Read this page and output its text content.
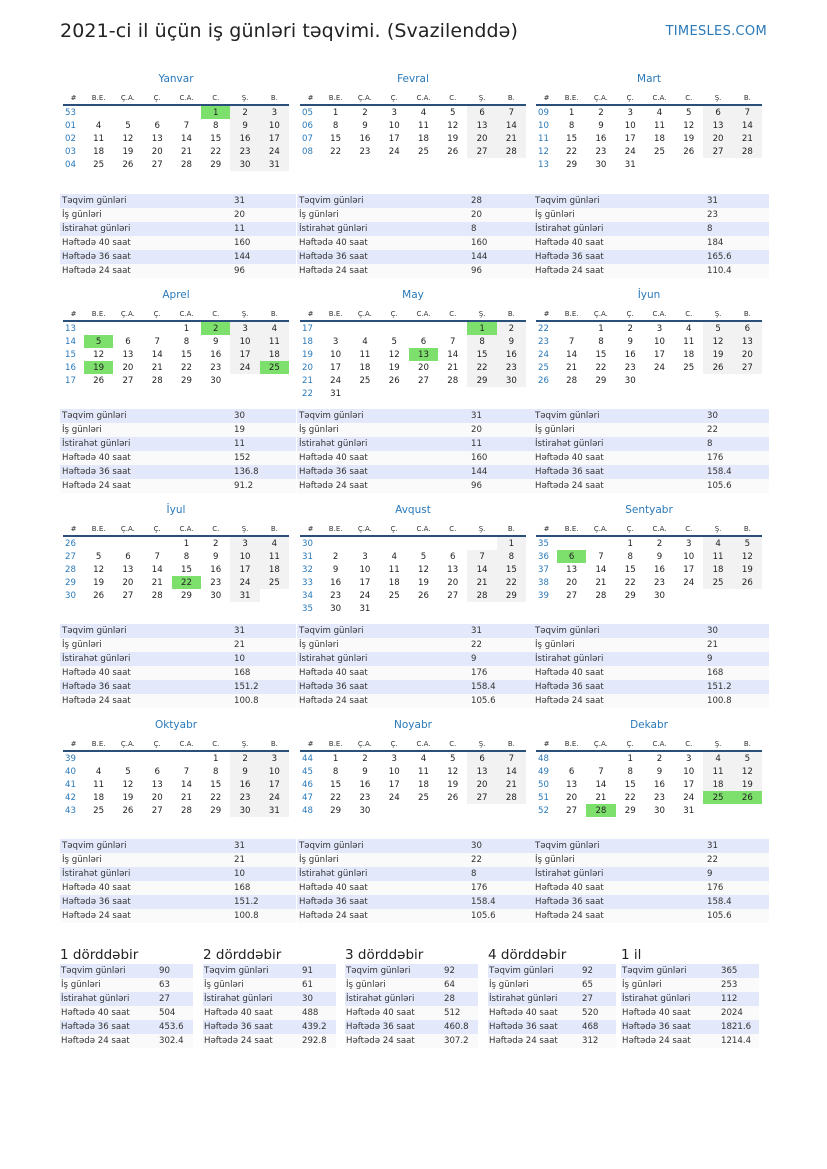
2021-ci il üçün iş günləri təqvimi. (Svazilenddə)	TIMESLES.COM
Yanvar
#	B.E.	Ç.A.	Ç.	C.A.	C.	Ş.	B.
53					1	2	3
01	4	5	6	7	8	9	10
02	11	12	13	14	15	16	17
03	18	19	20	21	22	23	24
04	25	26	27	28	29	30	31
Təqvim günləri	31
İş günləri	20
İstirahət günləri	11
Həftədə 40 saat	160
Həftədə 36 saat	144
Həftədə 24 saat	96
Fevral
#	B.E.	Ç.A.	Ç.	C.A.	C.	Ş.	B.
05	1	2	3	4	5	6	7
06	8	9	10	11	12	13	14
07	15	16	17	18	19	20	21
08	22	23	24	25	26	27	28
Təqvim günləri	28
İş günləri	20
İstirahət günləri	8
Həftədə 40 saat	160
Həftədə 36 saat	144
Həftədə 24 saat	96
Mart
#	B.E.	Ç.A.	Ç.	C.A.	C.	Ş.	B.
09	1	2	3	4	5	6	7
10	8	9	10	11	12	13	14
11	15	16	17	18	19	20	21
12	22	23	24	25	26	27	28
13	29	30	31				
Təqvim günləri	31
İş günləri	23
İstirahət günləri	8
Həftədə 40 saat	184
Həftədə 36 saat	165.6
Həftədə 24 saat	110.4
Aprel
#	B.E.	Ç.A.	Ç.	C.A.	C.	Ş.	B.
13				1	2	3	4
14	5	6	7	8	9	10	11
15	12	13	14	15	16	17	18
16	19	20	21	22	23	24	25
17	26	27	28	29	30		
Təqvim günləri	30
İş günləri	19
İstirahət günləri	11
Həftədə 40 saat	152
Həftədə 36 saat	136.8
Həftədə 24 saat	91.2
May
#	B.E.	Ç.A.	Ç.	C.A.	C.	Ş.	B.
17						1	2
18	3	4	5	6	7	8	9
19	10	11	12	13	14	15	16
20	17	18	19	20	21	22	23
21	24	25	26	27	28	29	30
22	31						
Təqvim günləri	31
İş günləri	20
İstirahət günləri	11
Həftədə 40 saat	160
Həftədə 36 saat	144
Həftədə 24 saat	96
İyun
#	B.E.	Ç.A.	Ç.	C.A.	C.	Ş.	B.
22		1	2	3	4	5	6
23	7	8	9	10	11	12	13
24	14	15	16	17	18	19	20
25	21	22	23	24	25	26	27
26	28	29	30				
Təqvim günləri	30
İş günləri	22
İstirahət günləri	8
Həftədə 40 saat	176
Həftədə 36 saat	158.4
Həftədə 24 saat	105.6
İyul
#	B.E.	Ç.A.	Ç.	C.A.	C.	Ş.	B.
26				1	2	3	4
27	5	6	7	8	9	10	11
28	12	13	14	15	16	17	18
29	19	20	21	22	23	24	25
30	26	27	28	29	30	31	
Təqvim günləri	31
İş günləri	21
İstirahət günləri	10
Həftədə 40 saat	168
Həftədə 36 saat	151.2
Həftədə 24 saat	100.8
Avqust
#	B.E.	Ç.A.	Ç.	C.A.	C.	Ş.	B.
30							1
31	2	3	4	5	6	7	8
32	9	10	11	12	13	14	15
33	16	17	18	19	20	21	22
34	23	24	25	26	27	28	29
35	30	31					
Təqvim günləri	31
İş günləri	22
İstirahət günləri	9
Həftədə 40 saat	176
Həftədə 36 saat	158.4
Həftədə 24 saat	105.6
Sentyabr
#	B.E.	Ç.A.	Ç.	C.A.	C.	Ş.	B.
35			1	2	3	4	5
36	6	7	8	9	10	11	12
37	13	14	15	16	17	18	19
38	20	21	22	23	24	25	26
39	27	28	29	30			
Təqvim günləri	30
İş günləri	21
İstirahət günləri	9
Həftədə 40 saat	168
Həftədə 36 saat	151.2
Həftədə 24 saat	100.8
Oktyabr
#	B.E.	Ç.A.	Ç.	C.A.	C.	Ş.	B.
39					1	2	3
40	4	5	6	7	8	9	10
41	11	12	13	14	15	16	17
42	18	19	20	21	22	23	24
43	25	26	27	28	29	30	31
Təqvim günləri	31
İş günləri	21
İstirahət günləri	10
Həftədə 40 saat	168
Həftədə 36 saat	151.2
Həftədə 24 saat	100.8
Noyabr
#	B.E.	Ç.A.	Ç.	C.A.	C.	Ş.	B.
44	1	2	3	4	5	6	7
45	8	9	10	11	12	13	14
46	15	16	17	18	19	20	21
47	22	23	24	25	26	27	28
48	29	30					
Təqvim günləri	30
İş günləri	22
İstirahət günləri	8
Həftədə 40 saat	176
Həftədə 36 saat	158.4
Həftədə 24 saat	105.6
Dekabr
#	B.E.	Ç.A.	Ç.	C.A.	C.	Ş.	B.
48			1	2	3	4	5
49	6	7	8	9	10	11	12
50	13	14	15	16	17	18	19
51	20	21	22	23	24	25	26
52	27	28	29	30	31		
Təqvim günləri	31
İş günləri	22
İstirahət günləri	9
Həftədə 40 saat	176
Həftədə 36 saat	158.4
Həftədə 24 saat	105.6
1 dörddəbir
Təqvim günləri	90
İş günləri	63
İstirahət günləri	27
Həftədə 40 saat	504
Həftədə 36 saat	453.6
Həftədə 24 saat	302.4
2 dörddəbir
Təqvim günləri	91
İş günləri	61
İstirahət günləri	30
Həftədə 40 saat	488
Həftədə 36 saat	439.2
Həftədə 24 saat	292.8
3 dörddəbir
Təqvim günləri	92
İş günləri	64
İstirahət günləri	28
Həftədə 40 saat	512
Həftədə 36 saat	460.8
Həftədə 24 saat	307.2
4 dörddəbir
Təqvim günləri	92
İş günləri	65
İstirahət günləri	27
Həftədə 40 saat	520
Həftədə 36 saat	468
Həftədə 24 saat	312
1 il
Təqvim günləri	365
İş günləri	253
İstirahət günləri	112
Həftədə 40 saat	2024
Həftədə 36 saat	1821.6
Həftədə 24 saat	1214.4
